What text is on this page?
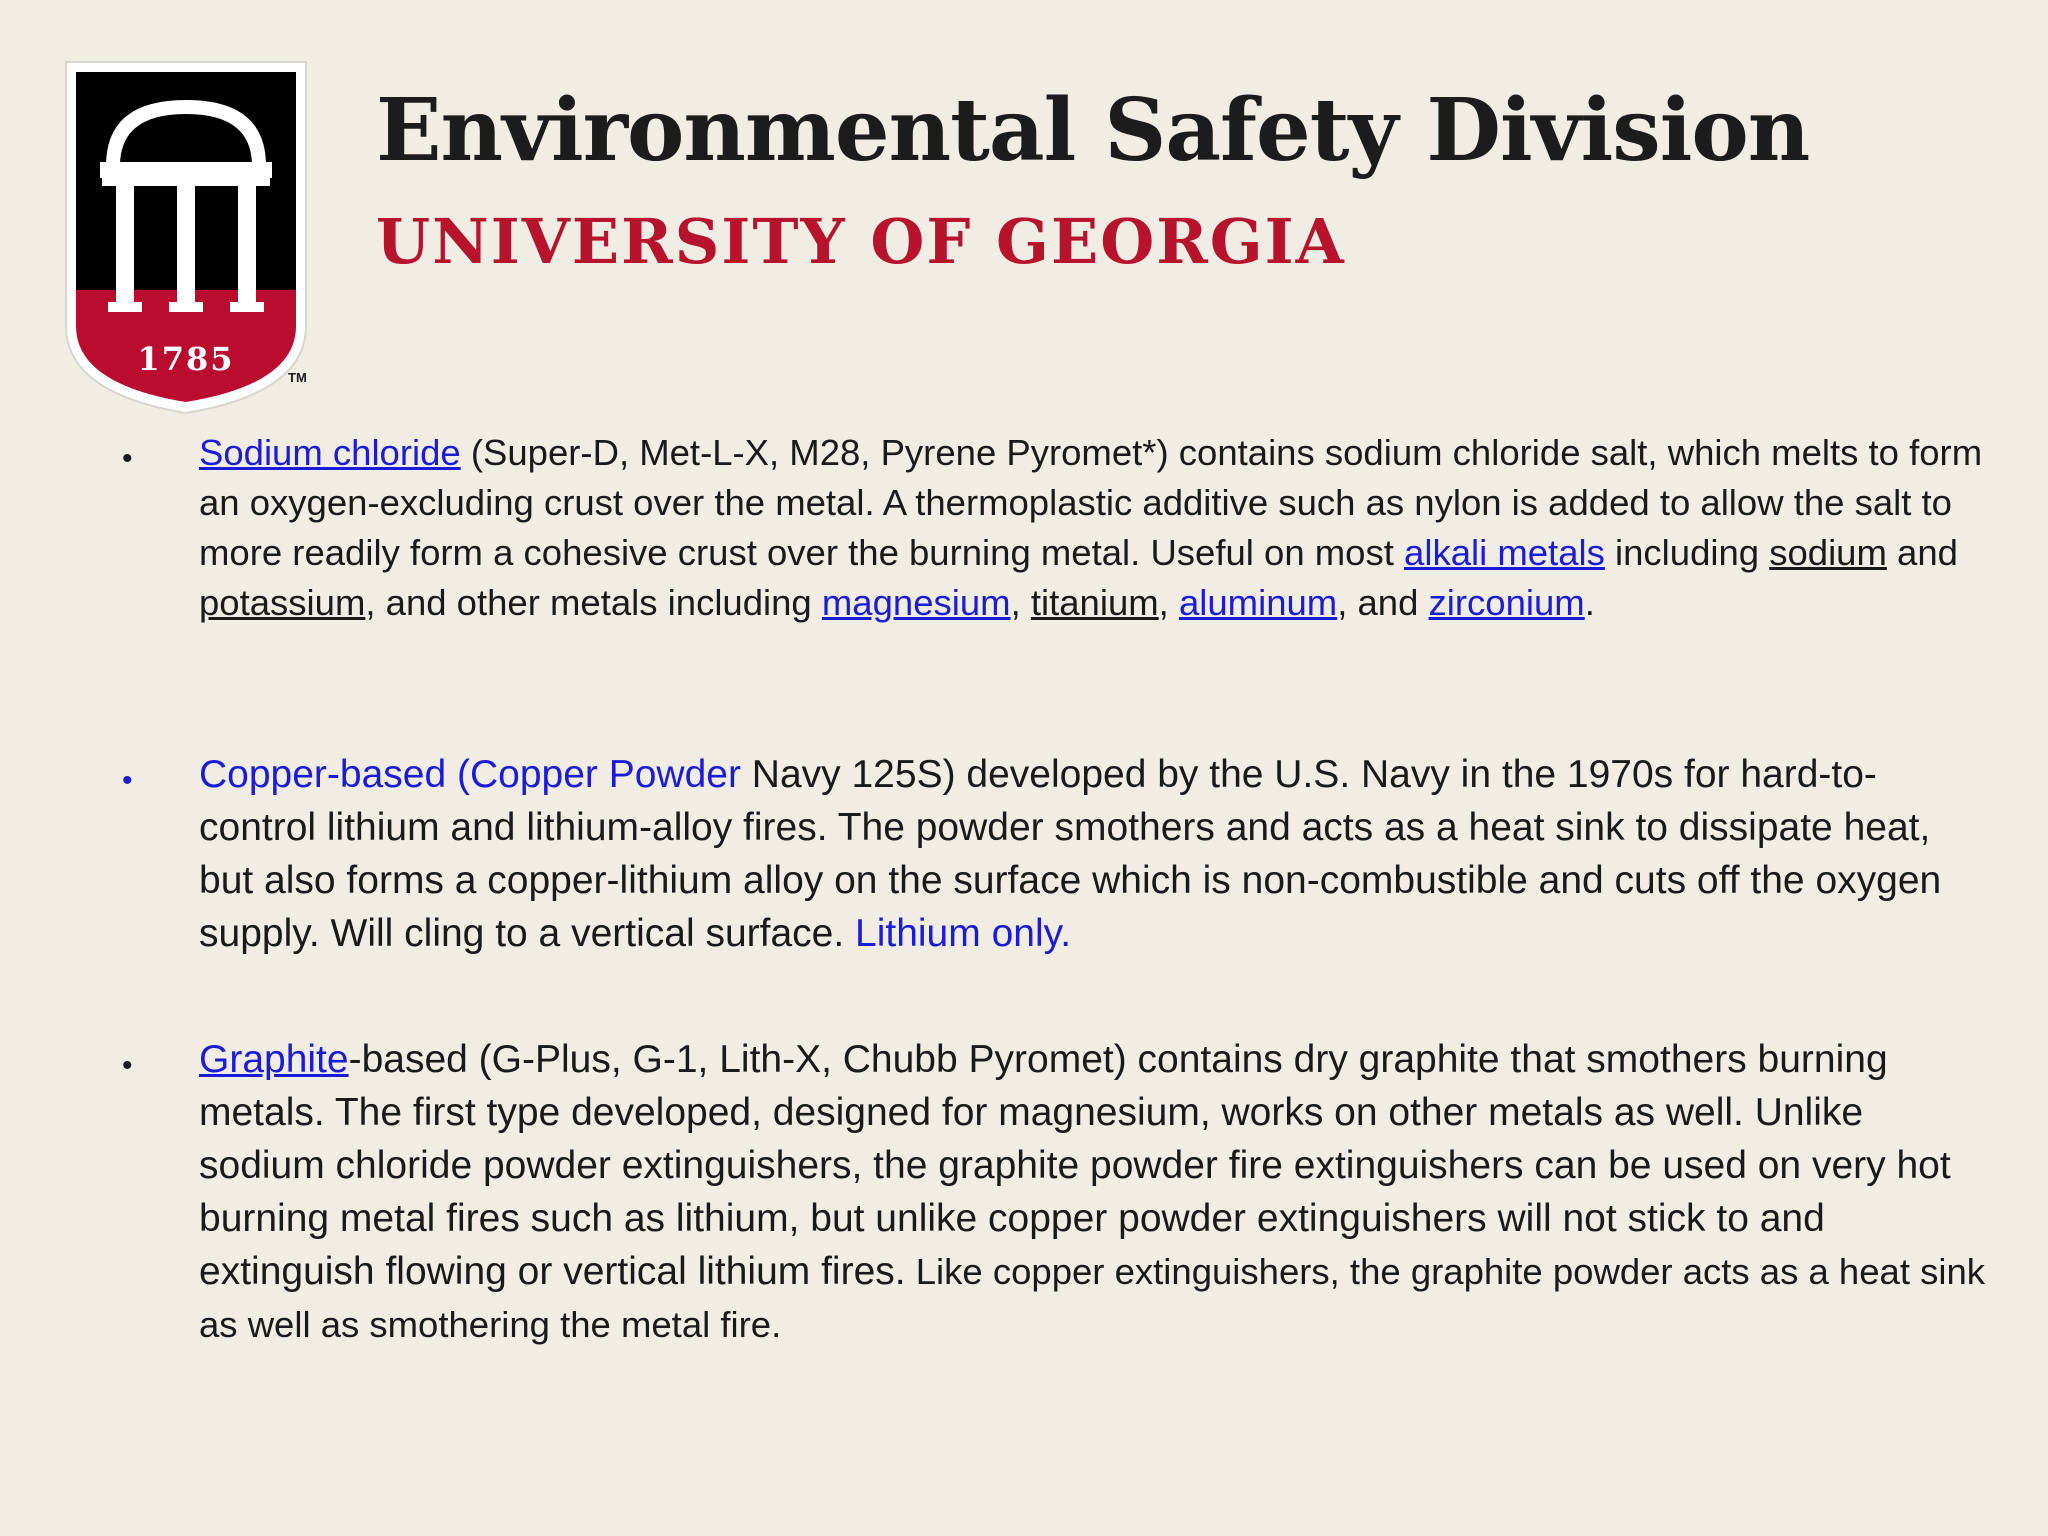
1785	TM
Environmental Safety Division
UNIVERSITY OF GEORGIA
• Sodium chloride (Super-D, Met-L-X, M28, Pyrene Pyromet*) contains sodium chloride salt, which melts to form an oxygen-excluding crust over the metal. A thermoplastic additive such as nylon is added to allow the salt to more readily form a cohesive crust over the burning metal. Useful on most alkali metals including sodium and potassium, and other metals including magnesium, titanium, aluminum, and zirconium.

• Copper-based (Copper Powder Navy 125S) developed by the U.S. Navy in the 1970s for hard-to-control lithium and lithium-alloy fires. The powder smothers and acts as a heat sink to dissipate heat, but also forms a copper-lithium alloy on the surface which is non-combustible and cuts off the oxygen supply. Will cling to a vertical surface. Lithium only.

• Graphite-based (G-Plus, G-1, Lith-X, Chubb Pyromet) contains dry graphite that smothers burning metals. The first type developed, designed for magnesium, works on other metals as well. Unlike sodium chloride powder extinguishers, the graphite powder fire extinguishers can be used on very hot burning metal fires such as lithium, but unlike copper powder extinguishers will not stick to and extinguish flowing or vertical lithium fires. Like copper extinguishers, the graphite powder acts as a heat sink as well as smothering the metal fire.
